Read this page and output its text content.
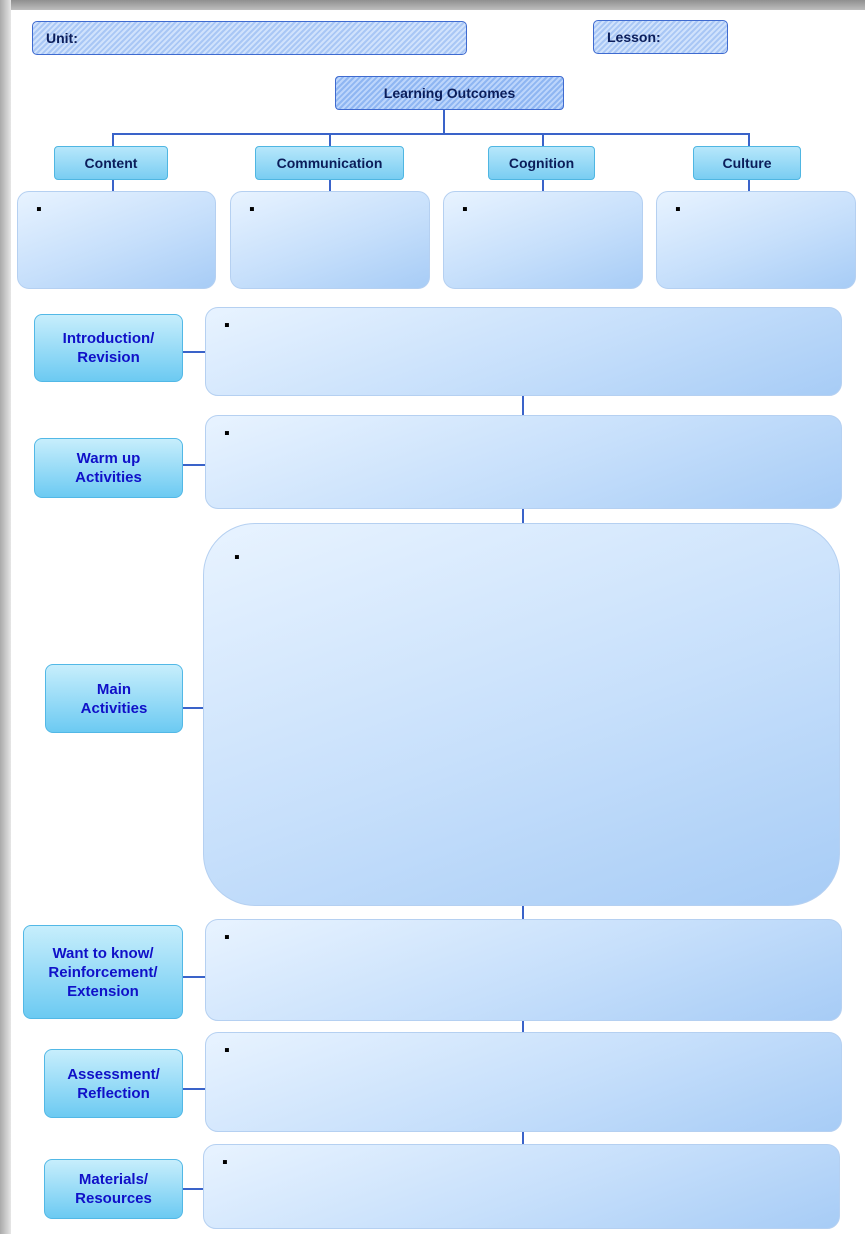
Unit:	Lesson:
Learning Outcomes
Content	Communication	Cognition	Culture
▪	▪	▪	▪
Introduction/
Revision
Warm up
Activities
Main
Activities
Want to know/
Reinforcement/
Extension
Assessment/
Reflection
Materials/
Resources
▪
▪
▪
▪
▪
▪
